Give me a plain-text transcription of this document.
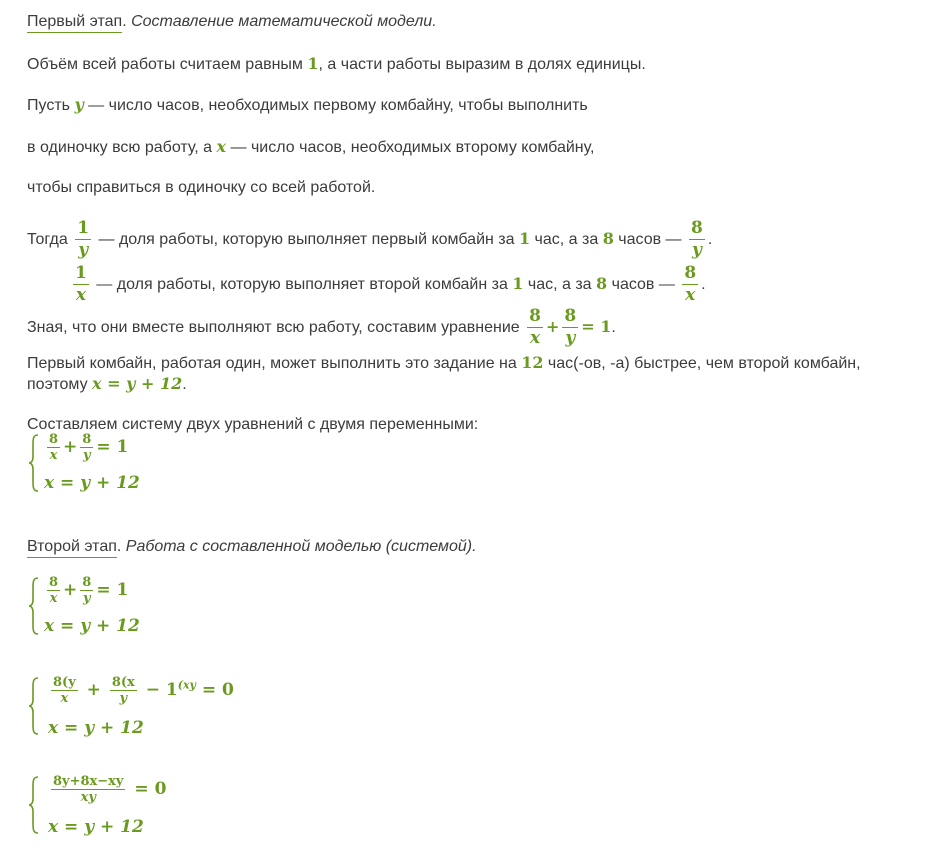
Первый этап. Составление математической модели.
Объём всей работы считаем равным 1, а части работы выразим в долях единицы.
Пусть y — число часов, необходимых первому комбайну, чтобы выполнить
в одиночку всю работу, а x — число часов, необходимых второму комбайну,
чтобы справиться в одиночку со всей работой.
Тогда $\frac{1}{y}$ — доля работы, которую выполняет первый комбайн за 1 час, а за 8 часов — $\frac{8}{y}$ .
$\frac{1}{x}$ — доля работы, которую выполняет второй комбайн за 1 час, а за 8 часов — $\frac{8}{x}$ .
Зная, что они вместе выполняют всю работу, составим уравнение $\frac{8}{x} + \frac{8}{y} = 1$.
Первый комбайн, работая один, может выполнить это задание на 12 час(-ов, -а) быстрее, чем второй комбайн,
поэтому x = y + 12.
Составляем систему двух уравнений с двумя переменными:
$\frac{8}{x} + \frac{8}{y} = 1$
x = y + 12
Второй этап. Работа с составленной моделью (системой).
$\frac{8}{x} + \frac{8}{y} = 1$
x = y + 12
$\frac{8(y}{x} + \frac{8(x}{y} - 1^{(xy} = 0$
x = y + 12
$\frac{8y+8x-xy}{xy} = 0$
x = y + 12
